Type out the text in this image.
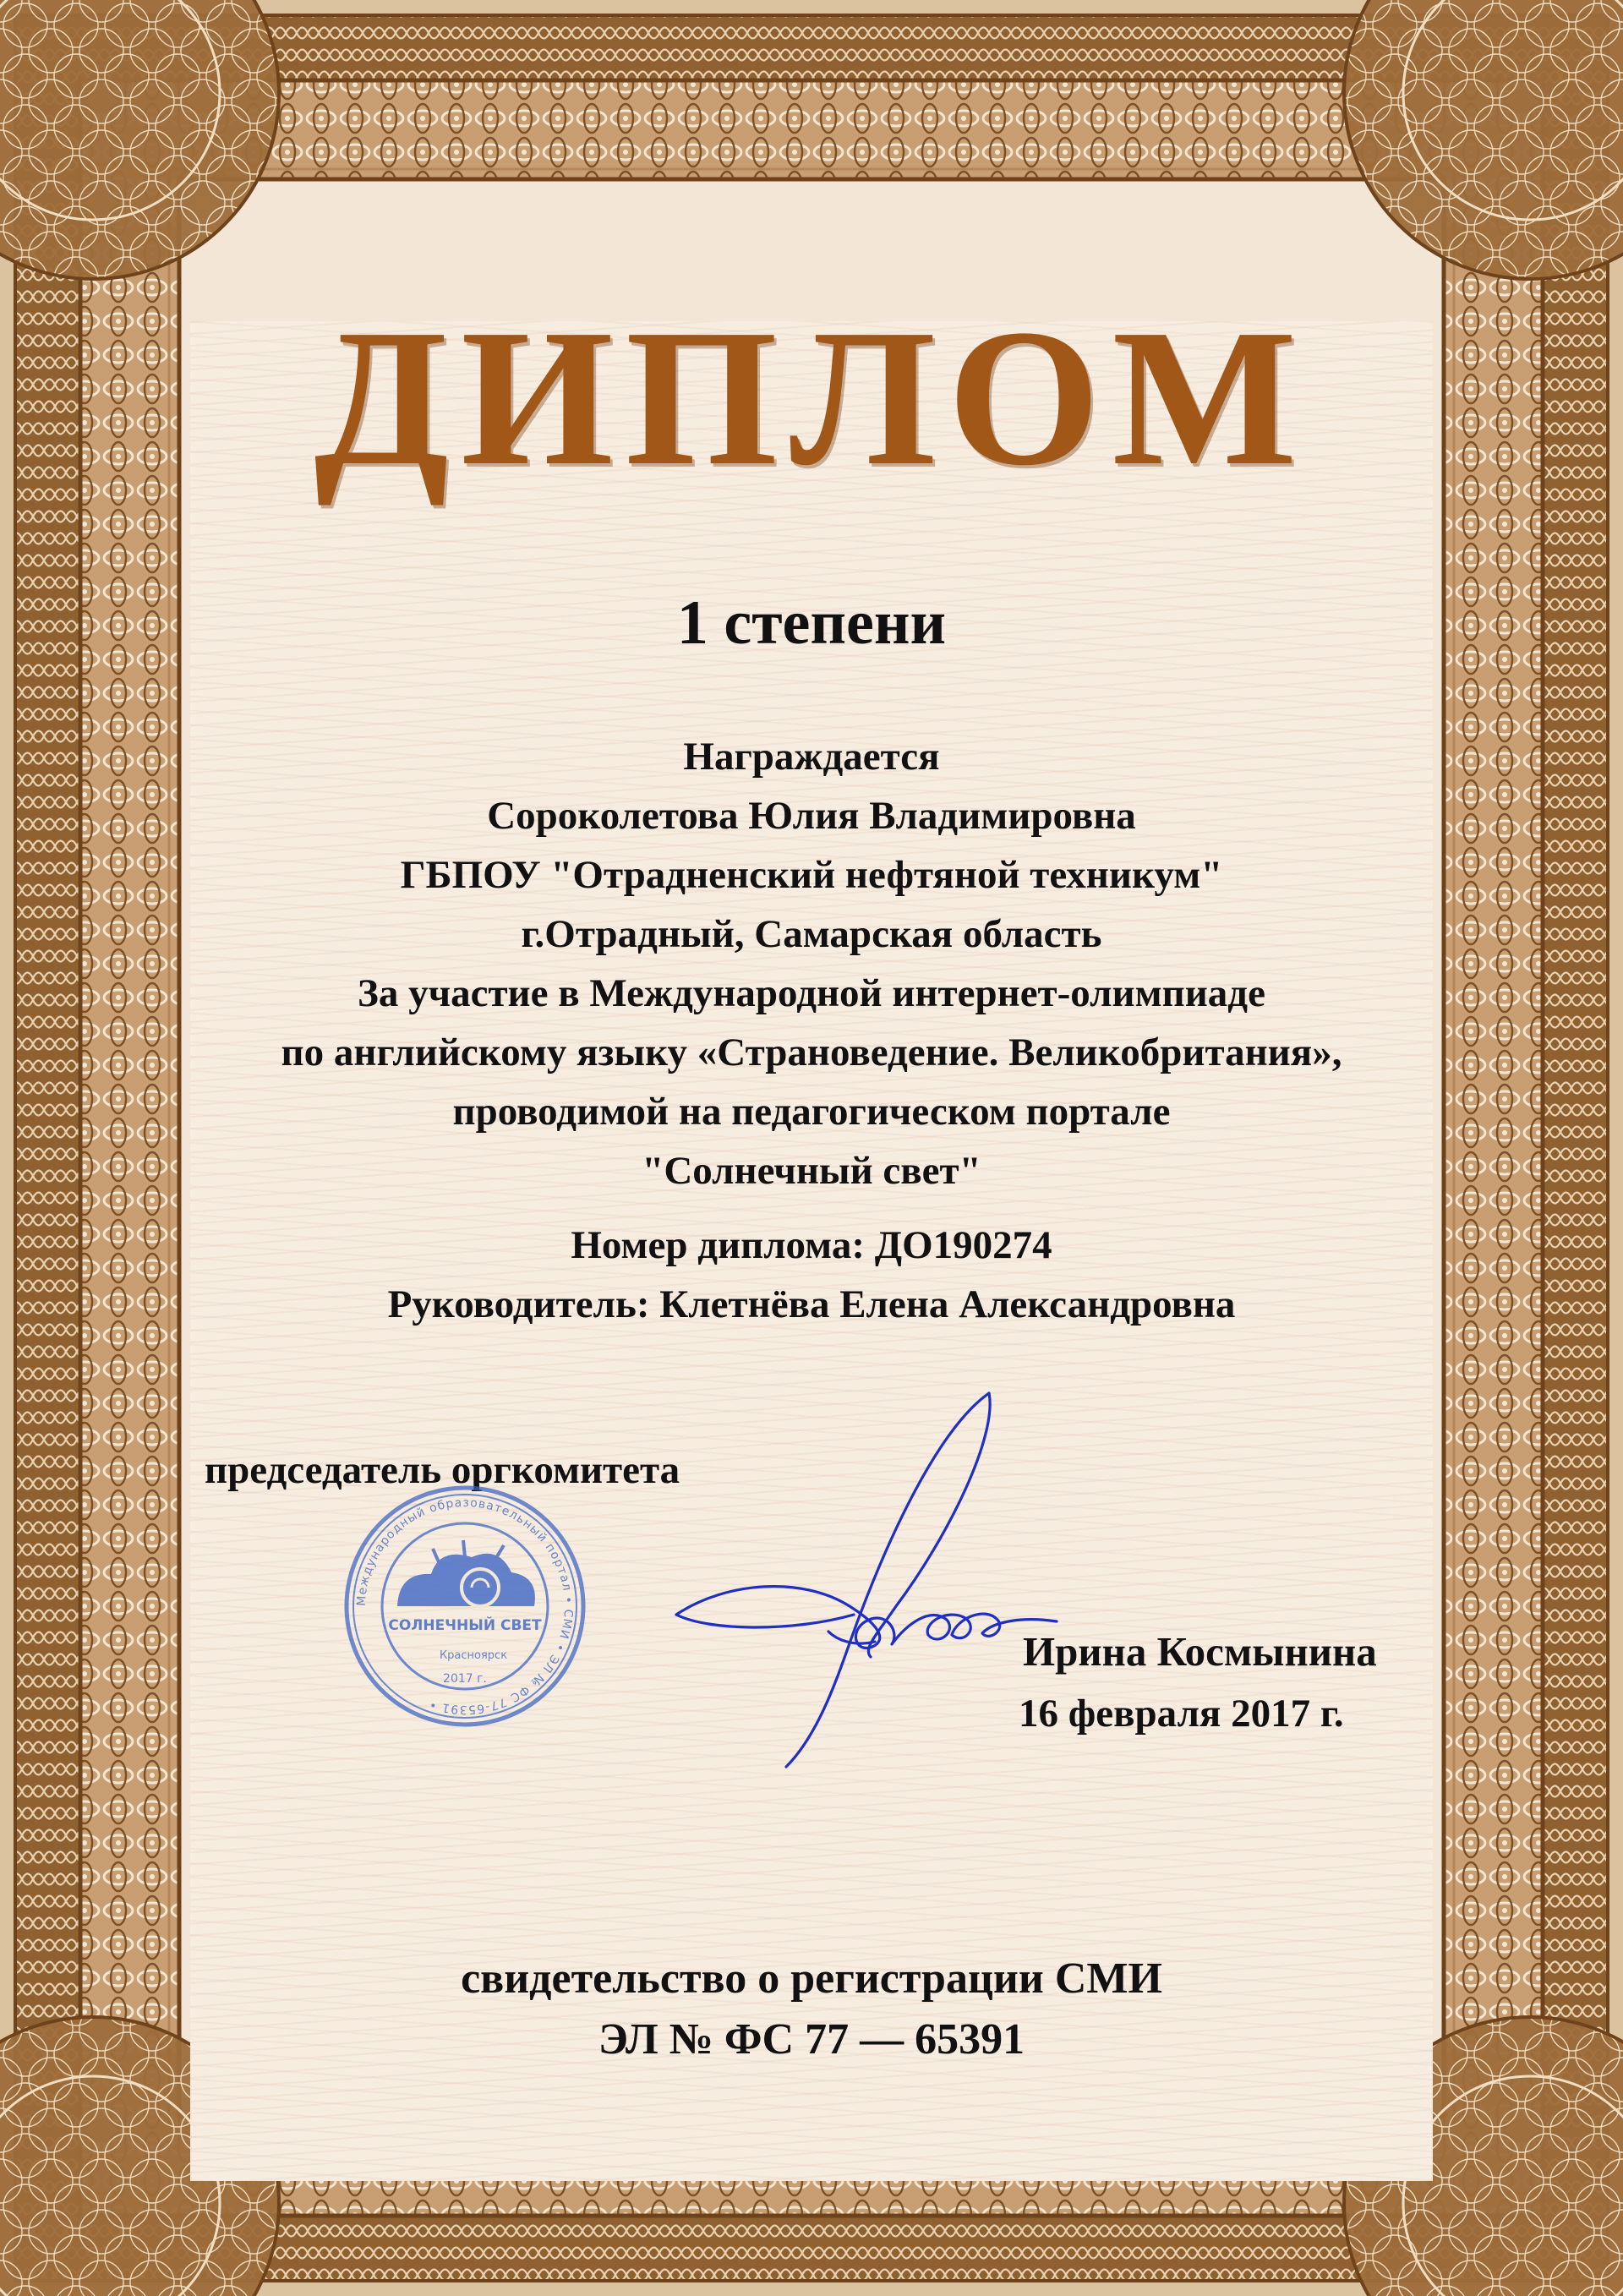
ДИПЛОМ
1 степени
Награждается
Сороколетова Юлия Владимировна
ГБПОУ "Отрадненский нефтяной техникум"
г.Отрадный, Самарская область
За участие в Международной интернет-олимпиаде
по английскому языку «Страноведение. Великобритания»,
проводимой на педагогическом портале
"Солнечный свет"
Номер диплома: ДО190274
Руководитель: Клетнёва Елена Александровна
председатель оргкомитета
Международный образовательный портал • СМИ • ЭЛ № ФС 77-65391 •
СОЛНЕЧНЫЙ СВЕТ
Красноярск
2017 г.
Ирина Космынина
16 февраля 2017 г.
свидетельство о регистрации СМИ
ЭЛ № ФС 77 — 65391
